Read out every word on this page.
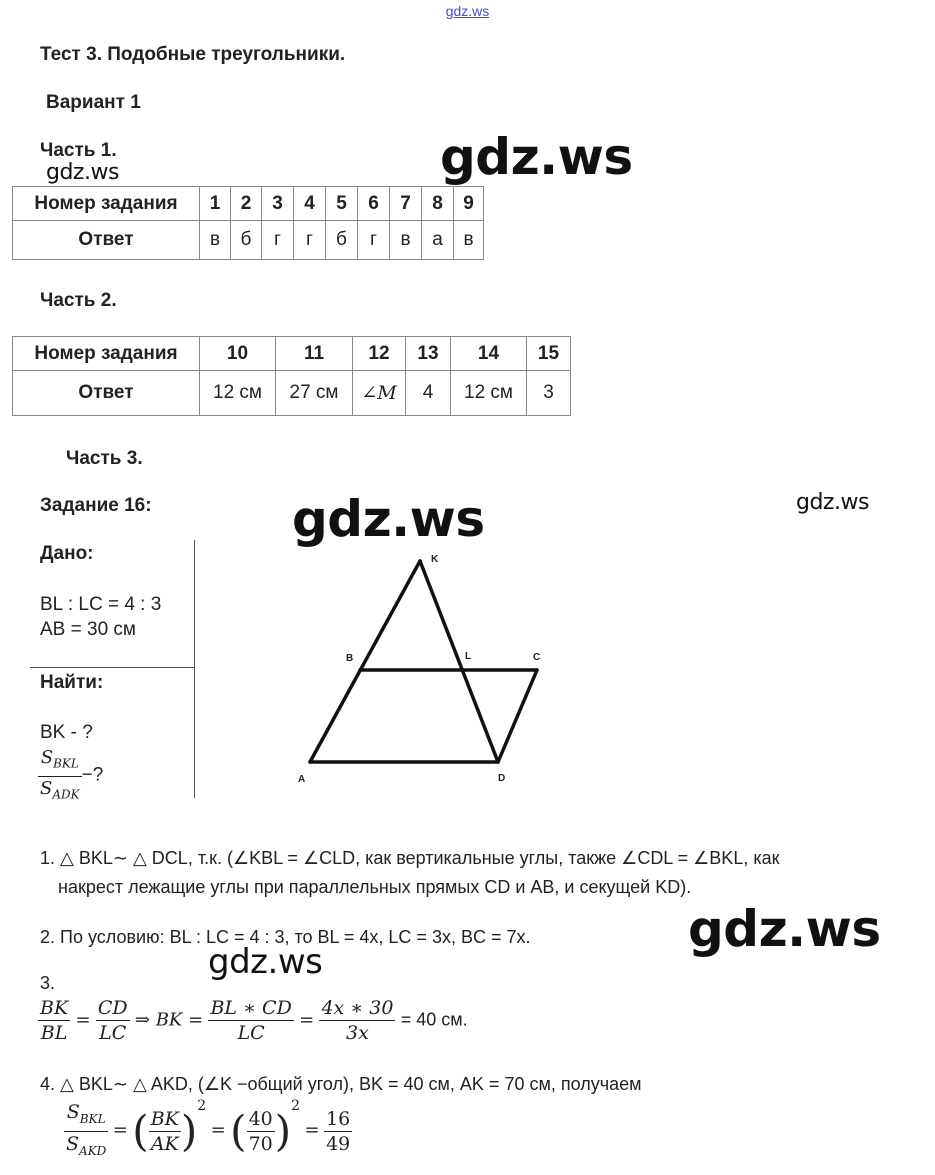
gdz.ws
Тест 3. Подобные треугольники.
Вариант 1
Часть 1.	gdz.ws
gdz.ws
Номер задания	1	2	3	4	5	6	7	8	9
Ответ	в	б	г	г	б	г	в	а	в
Часть 2.
Номер задания	10	11	12	13	14	15
Ответ	12 см	27 см	∠M	4	12 см	3
Часть 3.
Задание 16:	gdz.ws	gdz.ws
Дано:
BL : LC = 4 : 3
AB = 30 см
Найти:
BK - ?
$\frac{S_{BKL}}{S_{ADK}}$ −?
K
B	L	C
A	D
1. △ BKL∼ △ DCL, т.к. (∠KBL = ∠CLD, как вертикальные углы, также ∠CDL = ∠BKL, как
накрест лежащие углы при параллельных прямых CD и AB, и секущей KD).
2. По условию: BL : LC = 4 : 3, то BL = 4x, LC = 3x, BC = 7x.	gdz.ws
gdz.ws
3.
$\frac{BK}{BL} = \frac{CD}{LC}$ ⇒ BK = $\frac{BL ∗ CD}{LC} = \frac{4x ∗ 30}{3x} = 40$ см.
4. △ BKL∼ △ AKD, (∠K −общий угол), BK = 40 см, AK = 70 см, получаем
$\frac{S_{BKL}}{S_{AKD}}$ = ( $\frac{BK}{AK} )2$ = ( $\frac{40}{70} )2 = \frac{16}{49}$
